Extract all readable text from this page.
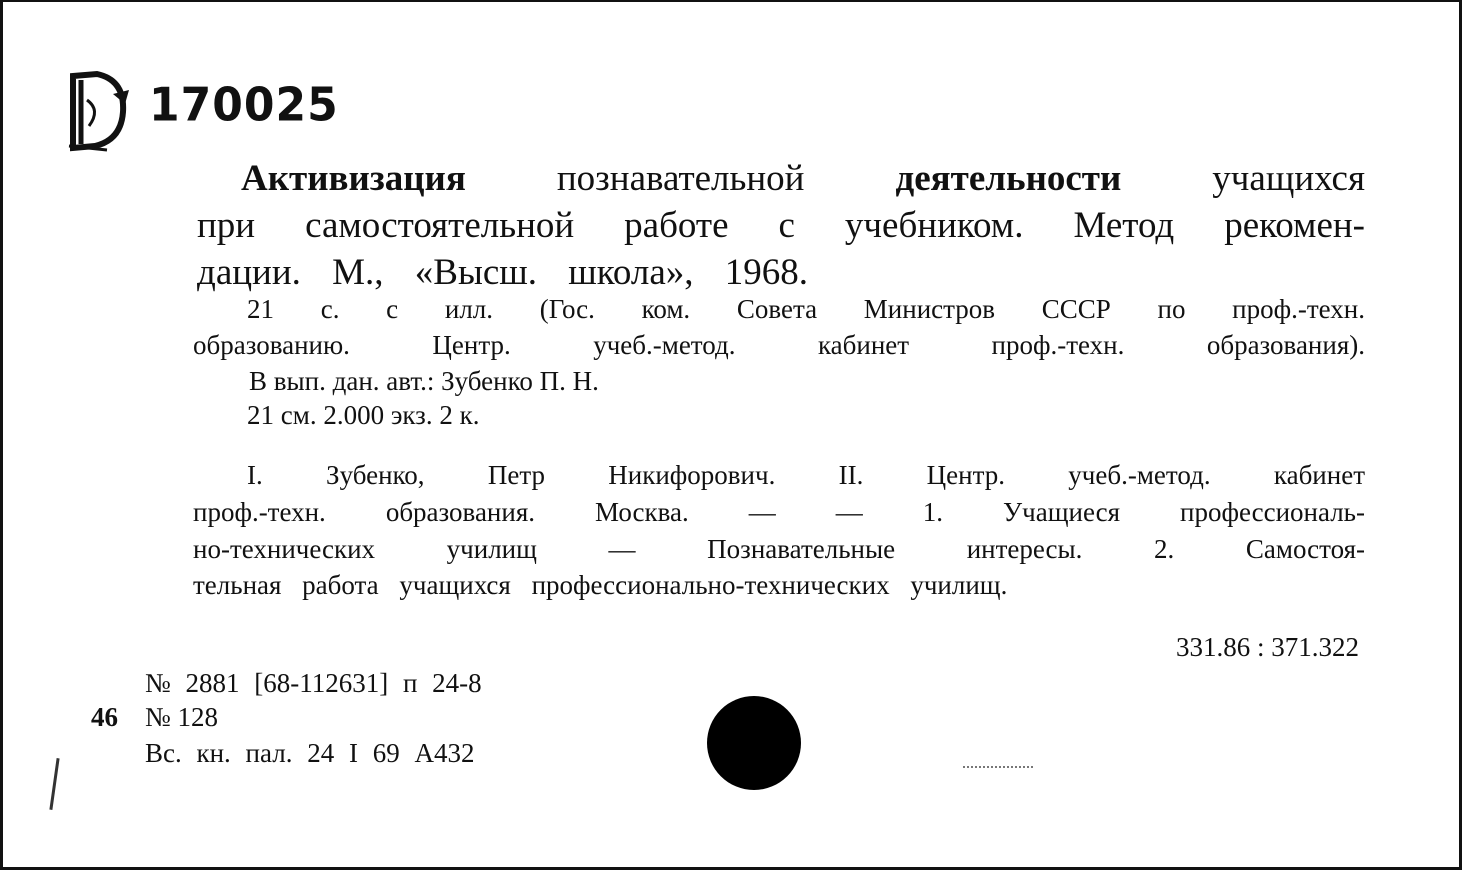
170025
Активизация познавательной деятельности учащихся
при самостоятельной работе с учебником. Метод рекомен-
дации. М., «Высш. школа», 1968.
21 с. с илл. (Гос. ком. Совета Министров СССР по проф.-техн.
образованию. Центр. учеб.-метод. кабинет проф.-техн. образования).
В вып. дан. авт.: Зубенко П. Н.
21 см. 2.000 экз. 2 к.
I. Зубенко, Петр Никифорович. II. Центр. учеб.-метод. кабинет
проф.-техн. образования. Москва. — — 1. Учащиеся профессиональ-
но-технических училищ — Познавательные интересы. 2. Самостоя-
тельная работа учащихся профессионально-технических училищ.
331.86 : 371.322
№ 2881 [68-112631] п 24-8
46 № 128
Вс. кн. пал. 24 I 69 А432
